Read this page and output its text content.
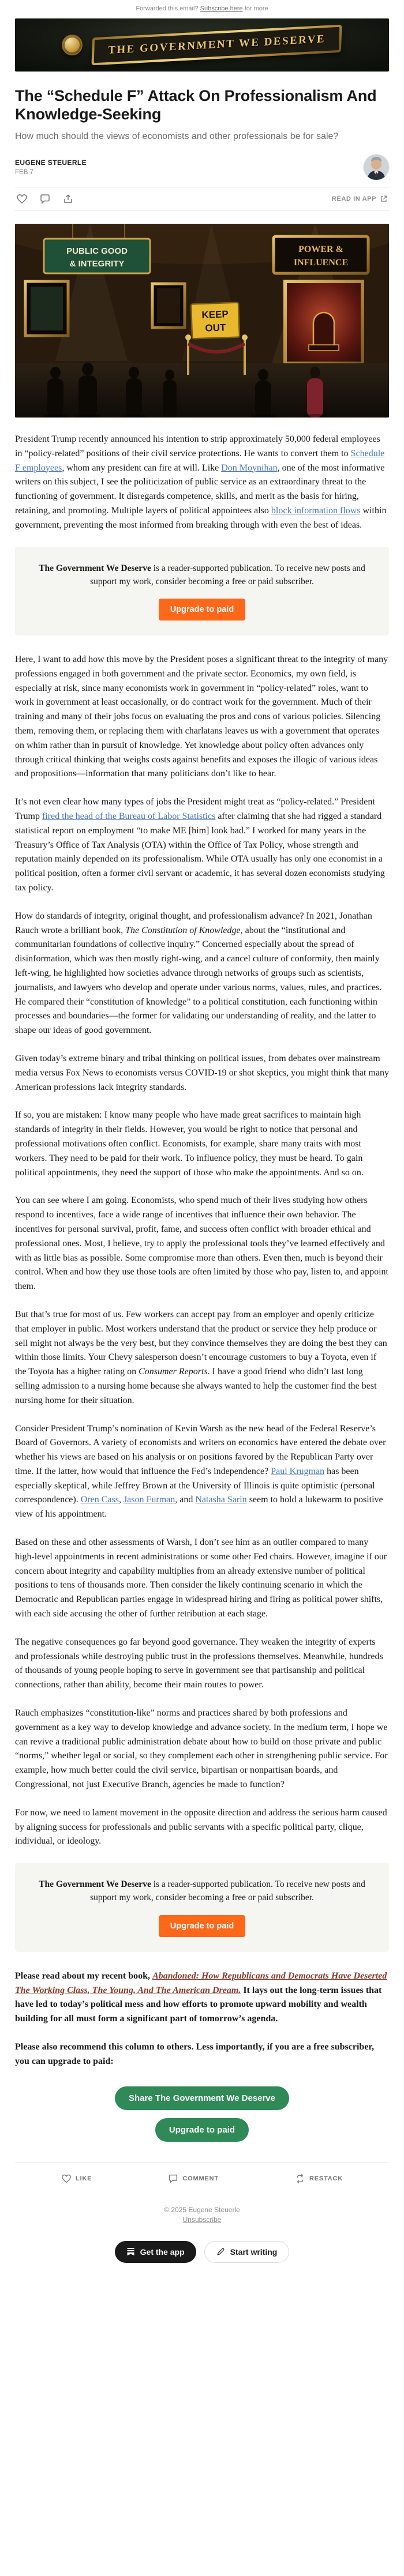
Forwarded this email? Subscribe here for more
THE GOVERNMENT WE DESERVE
The “Schedule F” Attack On Professionalism And Knowledge-Seeking
How much should the views of economists and other professionals be for sale?
EUGENE STEUERLE
FEB 7
READ IN APP
PUBLIC GOOD
& INTEGRITY
POWER &
INFLUENCE
KEEP
OUT

President Trump recently announced his intention to strip approximately 50,000 federal employees in “policy-related” positions of their civil service protections. He wants to convert them to Schedule F employees, whom any president can fire at will. Like Don Moynihan, one of the most informative writers on this subject, I see the politicization of public service as an extraordinary threat to the functioning of government. It disregards competence, skills, and merit as the basis for hiring, retaining, and promoting. Multiple layers of political appointees also block information flows within government, preventing the most informed from breaking through with even the best of ideas.

The Government We Deserve is a reader-supported publication. To receive new posts and support my work, consider becoming a free or paid subscriber.

Upgrade to paid

Here, I want to add how this move by the President poses a significant threat to the integrity of many professions engaged in both government and the private sector. Economics, my own field, is especially at risk, since many economists work in government in “policy-related” roles, want to work in government at least occasionally, or do contract work for the government. Much of their training and many of their jobs focus on evaluating the pros and cons of various policies. Silencing them, removing them, or replacing them with charlatans leaves us with a government that operates on whim rather than in pursuit of knowledge. Yet knowledge about policy often advances only through critical thinking that weighs costs against benefits and exposes the illogic of various ideas and propositions—information that many politicians don’t like to hear.

It’s not even clear how many types of jobs the President might treat as “policy-related.” President Trump fired the head of the Bureau of Labor Statistics after claiming that she had rigged a standard statistical report on employment “to make ME [him] look bad.” I worked for many years in the Treasury’s Office of Tax Analysis (OTA) within the Office of Tax Policy, whose strength and reputation mainly depended on its professionalism. While OTA usually has only one economist in a political position, often a former civil servant or academic, it has several dozen economists studying tax policy.

How do standards of integrity, original thought, and professionalism advance? In 2021, Jonathan Rauch wrote a brilliant book, The Constitution of Knowledge, about the “institutional and communitarian foundations of collective inquiry.” Concerned especially about the spread of disinformation, which was then mostly right-wing, and a cancel culture of conformity, then mainly left-wing, he highlighted how societies advance through networks of groups such as scientists, journalists, and lawyers who develop and operate under various norms, values, rules, and practices. He compared their “constitution of knowledge” to a political constitution, each functioning within processes and boundaries—the former for validating our understanding of reality, and the latter to shape our ideas of good government.

Given today’s extreme binary and tribal thinking on political issues, from debates over mainstream media versus Fox News to economists versus COVID-19 or shot skeptics, you might think that many American professions lack integrity standards.

If so, you are mistaken: I know many people who have made great sacrifices to maintain high standards of integrity in their fields. However, you would be right to notice that personal and professional motivations often conflict. Economists, for example, share many traits with most workers. They need to be paid for their work. To influence policy, they must be heard. To gain political appointments, they need the support of those who make the appointments. And so on.

You can see where I am going. Economists, who spend much of their lives studying how others respond to incentives, face a wide range of incentives that influence their own behavior. The incentives for personal survival, profit, fame, and success often conflict with broader ethical and professional ones. Most, I believe, try to apply the professional tools they’ve learned effectively and with as little bias as possible. Some compromise more than others. Even then, much is beyond their control. When and how they use those tools are often limited by those who pay, listen to, and appoint them.

But that’s true for most of us. Few workers can accept pay from an employer and openly criticize that employer in public. Most workers understand that the product or service they help produce or sell might not always be the very best, but they convince themselves they are doing the best they can within those limits. Your Chevy salesperson doesn’t encourage customers to buy a Toyota, even if the Toyota has a higher rating on Consumer Reports. I have a good friend who didn’t last long selling admission to a nursing home because she always wanted to help the customer find the best nursing home for their situation.

Consider President Trump’s nomination of Kevin Warsh as the new head of the Federal Reserve’s Board of Governors. A variety of economists and writers on economics have entered the debate over whether his views are based on his analysis or on positions favored by the Republican Party over time. If the latter, how would that influence the Fed’s independence? Paul Krugman has been especially skeptical, while Jeffrey Brown at the University of Illinois is quite optimistic (personal correspondence). Oren Cass, Jason Furman, and Natasha Sarin seem to hold a lukewarm to positive view of his appointment.

Based on these and other assessments of Warsh, I don’t see him as an outlier compared to many high-level appointments in recent administrations or some other Fed chairs. However, imagine if our concern about integrity and capability multiplies from an already extensive number of political positions to tens of thousands more. Then consider the likely continuing scenario in which the Democratic and Republican parties engage in widespread hiring and firing as political power shifts, with each side accusing the other of further retribution at each stage.

The negative consequences go far beyond good governance. They weaken the integrity of experts and professionals while destroying public trust in the professions themselves. Meanwhile, hundreds of thousands of young people hoping to serve in government see that partisanship and political connections, rather than ability, become their main routes to power.

Rauch emphasizes “constitution-like” norms and practices shared by both professions and government as a key way to develop knowledge and advance society. In the medium term, I hope we can revive a traditional public administration debate about how to build on those private and public “norms,” whether legal or social, so they complement each other in strengthening public service. For example, how much better could the civil service, bipartisan or nonpartisan boards, and Congressional, not just Executive Branch, agencies be made to function?

For now, we need to lament movement in the opposite direction and address the serious harm caused by aligning success for professionals and public servants with a specific political party, clique, individual, or ideology.

The Government We Deserve is a reader-supported publication. To receive new posts and support my work, consider becoming a free or paid subscriber.

Upgrade to paid

Please read about my recent book, Abandoned: How Republicans and Democrats Have Deserted The Working Class, The Young, And The American Dream. It lays out the long-term issues that have led to today’s political mess and how efforts to promote upward mobility and wealth building for all must form a significant part of tomorrow’s agenda.

Please also recommend this column to others. Less importantly, if you are a free subscriber, you can upgrade to paid:

Share The Government We Deserve
Upgrade to paid
LIKE	COMMENT	RESTACK
© 2025 Eugene Steuerle
Unsubscribe
Get the app	Start writing
